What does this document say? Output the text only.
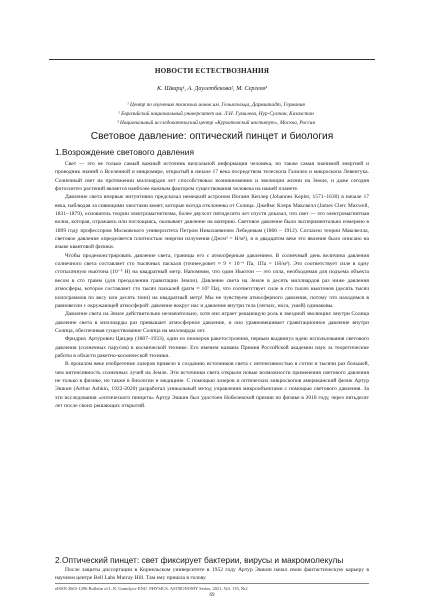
НОВОСТИ ЕСТЕСТВОЗНАНИЯ
К. Шварц¹, А. Даулетбекова², М. Сергеев³
¹ Центр по изучению тяжелых ионов им. Гельмгольца, Дармштадт, Германия
² Евразийский национальный университет им. Л.Н. Гумилева, Нур-Султан, Казахстан
³ Национальный исследовательский центр «Курчатовский институт», Москва, Россия
Световое давление: оптический пинцет и биология
1.Возрождение светового давления

Свет — это не только самый важный источник визуальной информации человека, но также самая значимой энергией и проводник знаний о Вселенной и микромире, открытый в начале 17 века посредством телескопа Галилео и микроскопа Левенгука. Солнечный свет на протяжении миллиардов лет способствовал возникновению и эволюции жизни на Земле, и даже сегодня фотосинтез растений является наиболее важным фактором существования человека на нашей планете.

Давление света впервые интуитивно предсказал немецкий астроном Иоганн Кеплер (Johannes Kepler, 1571–1630) в начале 17 века, наблюдая за сияющими хвостами комет, которые всегда отклонены от Солнца. Джеймс Клерк Максвелл (James Clerc Maxwell, 1831–1879), основатель теории электромагнетизма, более двухсот пятидесяти лет спустя доказал, что свет — это электромагнитная волна, которая, отражаясь или поглощаясь, оказывает давление на материю. Световое давление было экспериментально измерено в 1899 году профессором Московского университета Петром Николаевичем Лебедевым (1866 – 1912). Согласно теории Максвелла, световое давление определяется плотностью энергии излучения (Дж/м³ = Н/м²), и в двадцатом веке это явление было описано на языке квантовой физики.

Чтобы продемонстрировать давление света, границы его с атмосферным давлением. В солнечный день величина давления солнечного света составляет сто тысячных паскаля (точнее,ровет ≈ 9 × 10⁻⁶ Па, 1Па = 1Н/м²). Это соответствует силе в одну стотысячную ньютона (10⁻⁵ Н) на квадратный метр. Напомним, что один Ньютон — это сила, необходимая для подъема объекта весом в сто грамм (для преодоления гравитации Земли). Давление света на Земле в десять миллиардов раз ниже давления атмосферы, которое составляет сто тысяч паскалей (pатм ≈ 10⁵ Па), что соответствует силе в сто тысяч ньютонов (десять тысяч килограммов по весу или десять тонн) на квадратный метр! Мы не чувствуем атмосферного давления, потому что находимся в равновесии с окружающей атмосферой: давление вокруг нас и давление внутри тела (легких, носа, ушей) одинаковы.

Давление света на Земле действительно незначительно, хотя оно играет решающую роль в звездной эволюции: внутри Солнца давление света в миллиарды раз превышает атмосферное давление, и оно уравновешивает гравитационное давление внутри Солнца, обеспечивая существование Солнца на миллиарды лет.

Фридрих Артурович Цандер (1887–1933), один из пионеров ракетостроения, первым выдвинул идею использования светового давления (солнечных парусов) в космической технике. Его именем названа Премия Российской академии наук за теоретические работы в области ракетно-космической техники.

В прошлом веке изобретение лазеров привело к созданию источников света с интенсивностью в сотни и тысячи раз большей, чем интенсивность солнечных лучей на Земле. Эти источники света открыли новые возможности применения светового давления не только в физике, но также в биологии и медицине. С помощью лазеров и оптических микроскопов американский физик Артур Эшкин (Arthur Ashkin, 1922-2020) разработал уникальный метод управления микрообъектами с помощью светового давления. За эти исследования «оптического пинцета» Артур Эшкин был удостоен Нобелевской премии по физике в 2018 году, через пятьдесят лет после своих решающих открытий.

2.Оптический пинцет: свет фиксирует бактерии, вирусы и макромолекулы

После защиты диссертации в Корнельском университете в 1952 году Артур Эшкин начал свою фантастическую карьеру в научном центре Bell Labs Murray Hill. Там ему пришла в голову

eISSN 2663-1296 Bulletin of L.N. Gumilyov ENU. PHYSICS. ASTRONOMY Series, 2021, Vol. 135, №2
69
